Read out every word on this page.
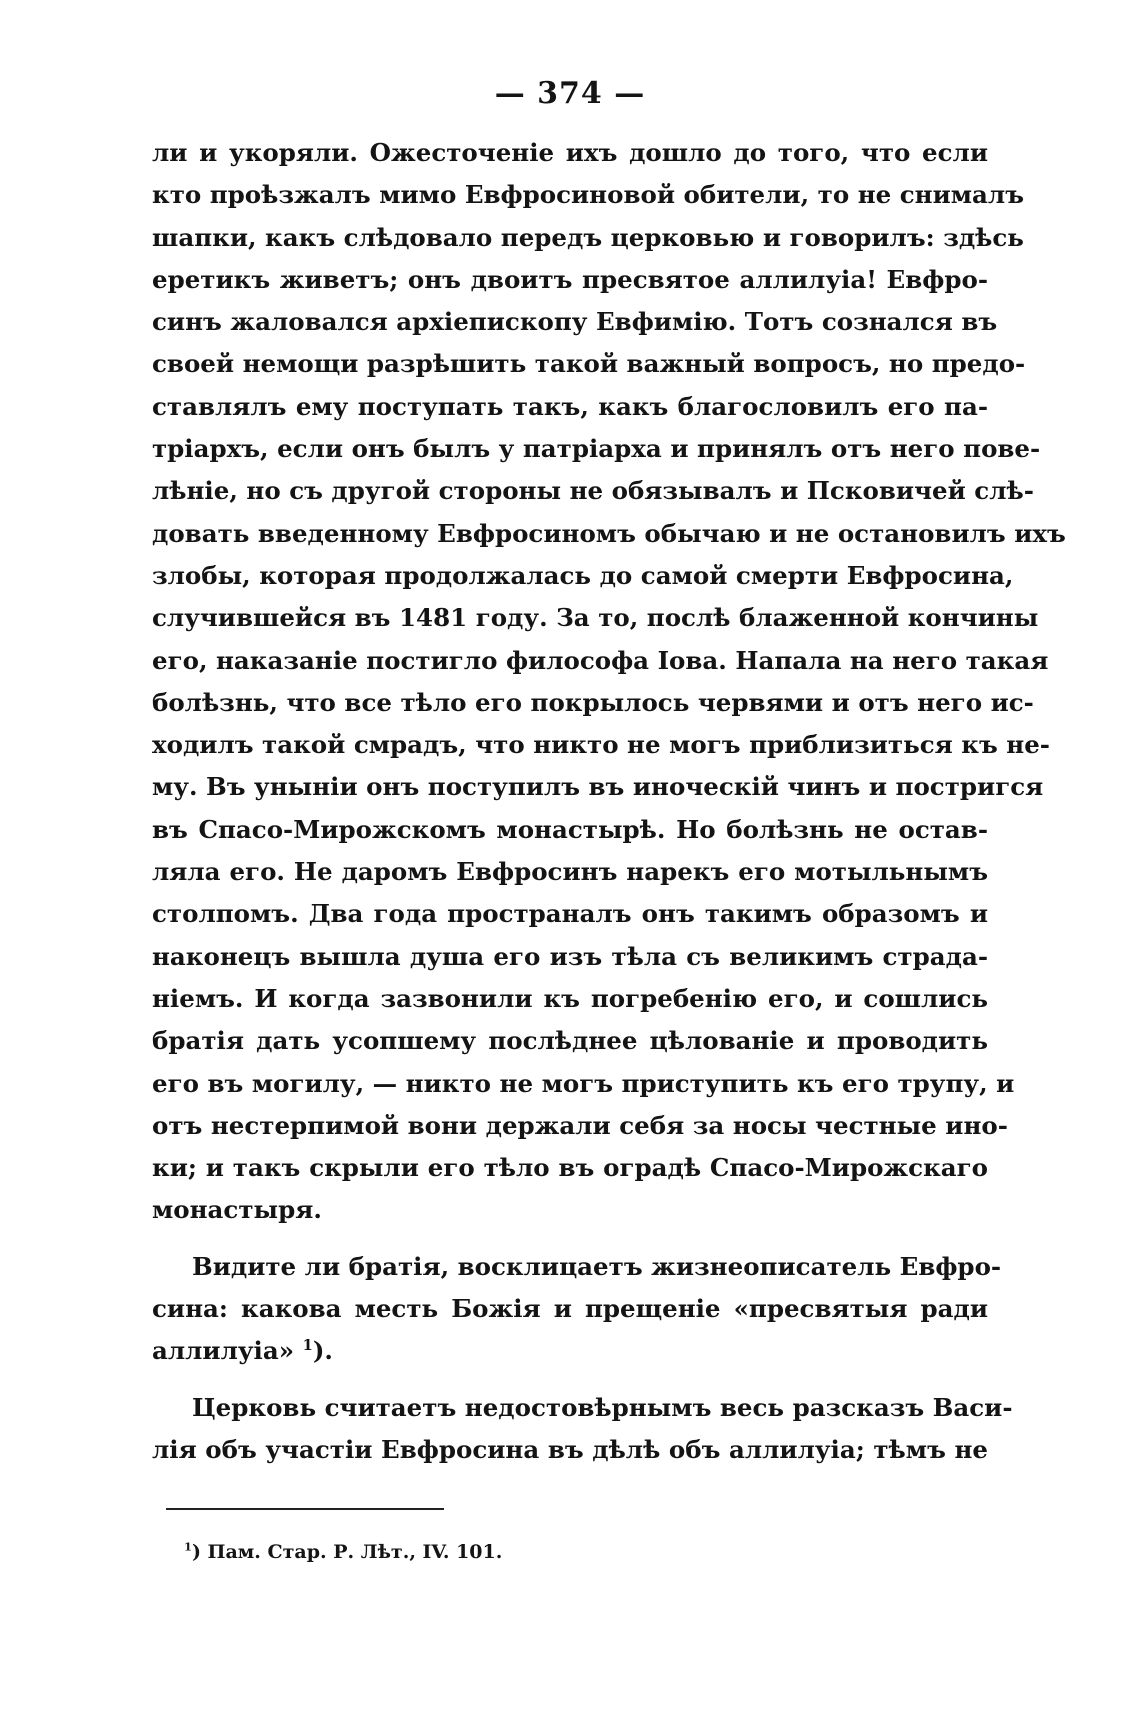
— 374 —
ли и укоряли. Ожесточеніе ихъ дошло до того, что если
кто проѣзжалъ мимо Евфросиновой обители, то не снималъ
шапки, какъ слѣдовало передъ церковью и говорилъ: здѣсь
еретикъ живетъ; онъ двоитъ пресвятое аллилуіа! Евфро-
синъ жаловался архіепископу Евфимію. Тотъ сознался въ
своей немощи разрѣшить такой важный вопросъ, но предо-
ставлялъ ему поступать такъ, какъ благословилъ его па-
тріархъ, если онъ былъ у патріарха и принялъ отъ него пове-
лѣніе, но съ другой стороны не обязывалъ и Псковичей слѣ-
довать введенному Евфросиномъ обычаю и не остановилъ ихъ
злобы, которая продолжалась до самой смерти Евфросина,
случившейся въ 1481 году. За то, послѣ блаженной кончины
его, наказаніе постигло философа Іова. Напала на него такая
болѣзнь, что все тѣло его покрылось червями и отъ него ис-
ходилъ такой смрадъ, что никто не могъ приблизиться къ не-
му. Въ унынiи онъ поступилъ въ иноческій чинъ и постригся
въ Спасо-Мирожскомъ монастырѣ. Но болѣзнь не остав-
ляла его. Не даромъ Евфросинъ нарекъ его мотыльнымъ
столпомъ. Два года пространалъ онъ такимъ образомъ и
наконецъ вышла душа его изъ тѣла съ великимъ страда-
ніемъ. И когда зазвонили къ погребенію его, и сошлись
братія дать усопшему послѣднее цѣлованіе и проводить
его въ могилу, — никто не могъ приступить къ его трупу, и
отъ нестерпимой вони держали себя за носы честные ино-
ки; и такъ скрыли его тѣло въ оградѣ Спасо-Мирожскаго
монастыря.
Видите ли братія, восклицаетъ жизнеописатель Евфро-
сина: какова месть Божія и прещеніе «пресвятыя ради
аллилуіа» $^1$).
Церковь считаетъ недостовѣрнымъ весь разсказъ Васи-
лія объ участіи Евфросина въ дѣлѣ объ аллилуіа; тѣмъ не
$^1$) Пам. Стар. Р. Лѣт., IV. 101.
